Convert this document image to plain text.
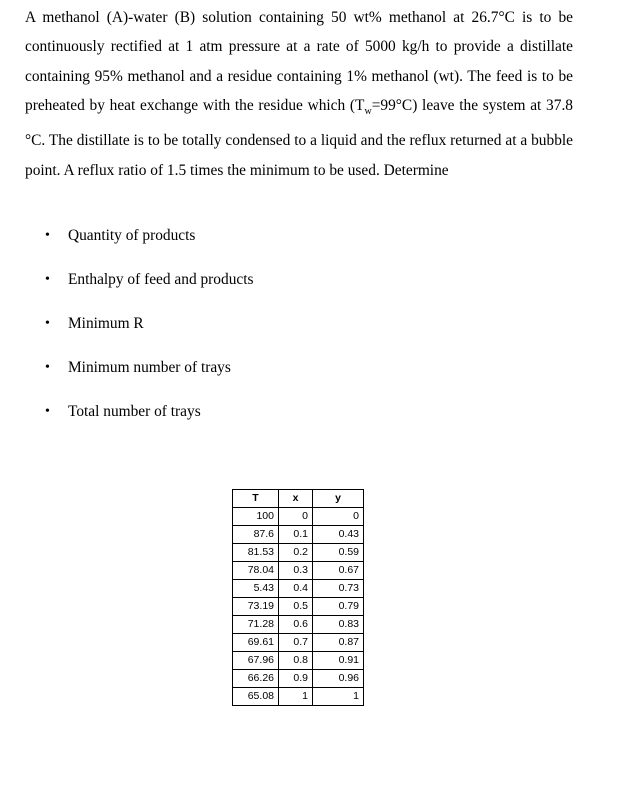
A methanol (A)-water (B) solution containing 50 wt% methanol at 26.7°C is to be continuously rectified at 1 atm pressure at a rate of 5000 kg/h to provide a distillate containing 95% methanol and a residue containing 1% methanol (wt). The feed is to be preheated by heat exchange with the residue which $(T_w=99^\circ C)$ leave the system at 37.8 °C. The distillate is to be totally condensed to a liquid and the reflux returned at a bubble point. A reflux ratio of 1.5 times the minimum to be used. Determine

• Quantity of products
• Enthalpy of feed and products
• Minimum R
• Minimum number of trays
• Total number of trays
T	x	y
100	0	0
87.6	0.1	0.43
81.53	0.2	0.59
78.04	0.3	0.67
5.43	0.4	0.73
73.19	0.5	0.79
71.28	0.6	0.83
69.61	0.7	0.87
67.96	0.8	0.91
66.26	0.9	0.96
65.08	1	1
